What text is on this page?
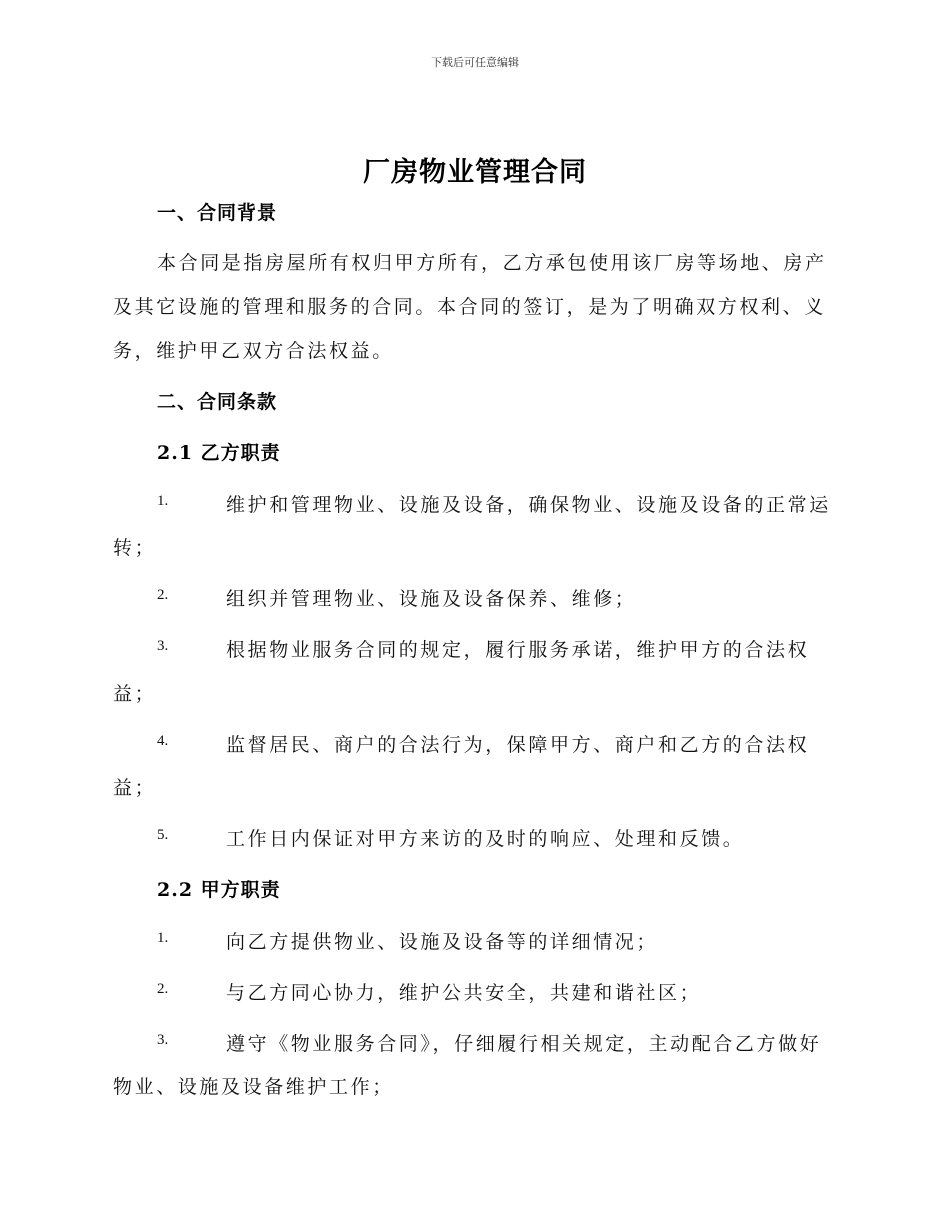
下载后可任意编辑
厂房物业管理合同
一、合同背景
本合同是指房屋所有权归甲方所有，乙方承包使用该厂房等场地、房产
及其它设施的管理和服务的合同。本合同的签订，是为了明确双方权利、义
务，维护甲乙双方合法权益。
二、合同条款
2.1 乙方职责
1.	维护和管理物业、设施及设备，确保物业、设施及设备的正常运
转；
2.	组织并管理物业、设施及设备保养、维修；
3.	根据物业服务合同的规定，履行服务承诺，维护甲方的合法权
益；
4.	监督居民、商户的合法行为，保障甲方、商户和乙方的合法权
益；
5.	工作日内保证对甲方来访的及时的响应、处理和反馈。
2.2 甲方职责
1.	向乙方提供物业、设施及设备等的详细情况；
2.	与乙方同心协力，维护公共安全，共建和谐社区；
3.	遵守《物业服务合同》，仔细履行相关规定，主动配合乙方做好
物业、设施及设备维护工作；
